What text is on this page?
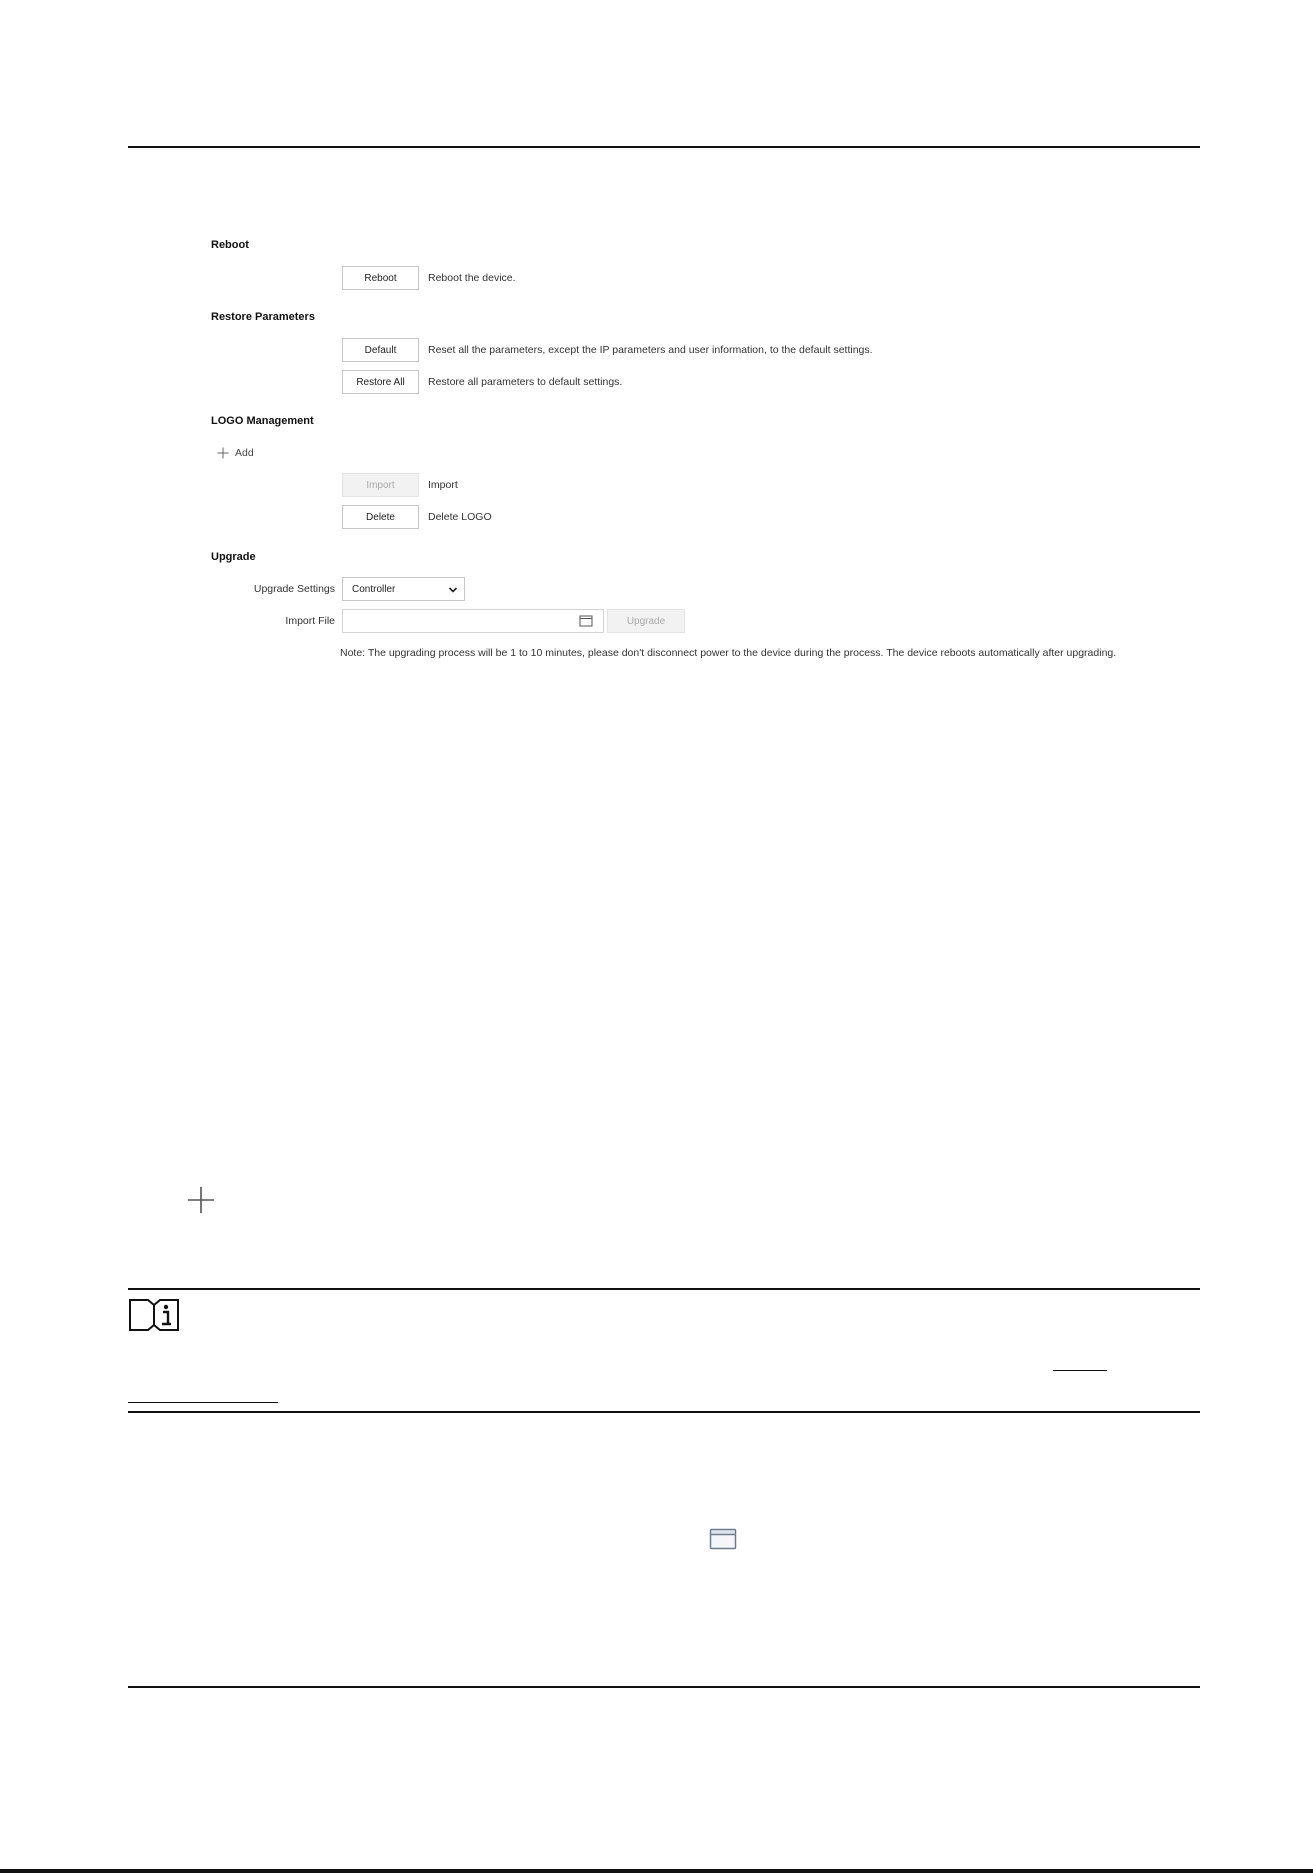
Reboot
Reboot	Reboot the device.
Restore Parameters
Default	Reset all the parameters, except the IP parameters and user information, to the default settings.
Restore All	Restore all parameters to default settings.
LOGO Management
Add
Import	Import
Delete	Delete LOGO
Upgrade
Upgrade Settings Controller
Import File	Upgrade
Note: The upgrading process will be 1 to 10 minutes, please don't disconnect power to the device during the process. The device reboots automatically after upgrading.
